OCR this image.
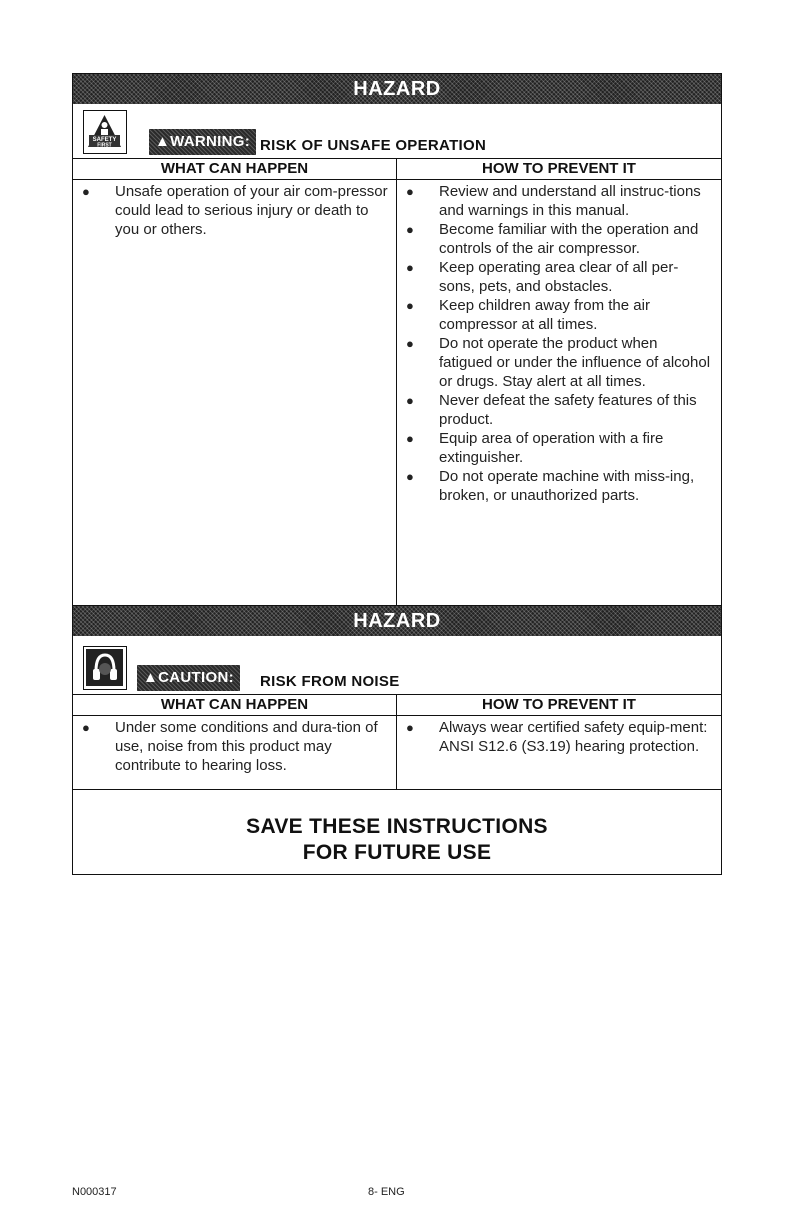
HAZARD
SAFETY
FIRST	▲WARNING: RISK OF UNSAFE OPERATION
WHAT CAN HAPPEN
● Unsafe operation of your air com-pressor could lead to serious injury or death to you or others.
HOW TO PREVENT IT
● Review and understand all instruc-tions and warnings in this manual.
● Become familiar with the operation and controls of the air compressor.
● Keep operating area clear of all per-sons, pets, and obstacles.
● Keep children away from the air compressor at all times.
● Do not operate the product when fatigued or under the influence of alcohol or drugs. Stay alert at all times.
● Never defeat the safety features of this product.
● Equip area of operation with a fire extinguisher.
● Do not operate machine with miss-ing, broken, or unauthorized parts.
HAZARD
▲CAUTION:	RISK FROM NOISE
WHAT CAN HAPPEN
● Under some conditions and dura-tion of use, noise from this product may contribute to hearing loss.
HOW TO PREVENT IT
● Always wear certified safety equip-ment: ANSI S12.6 (S3.19) hearing protection.
SAVE THESE INSTRUCTIONS
FOR FUTURE USE
N000317	8- ENG
